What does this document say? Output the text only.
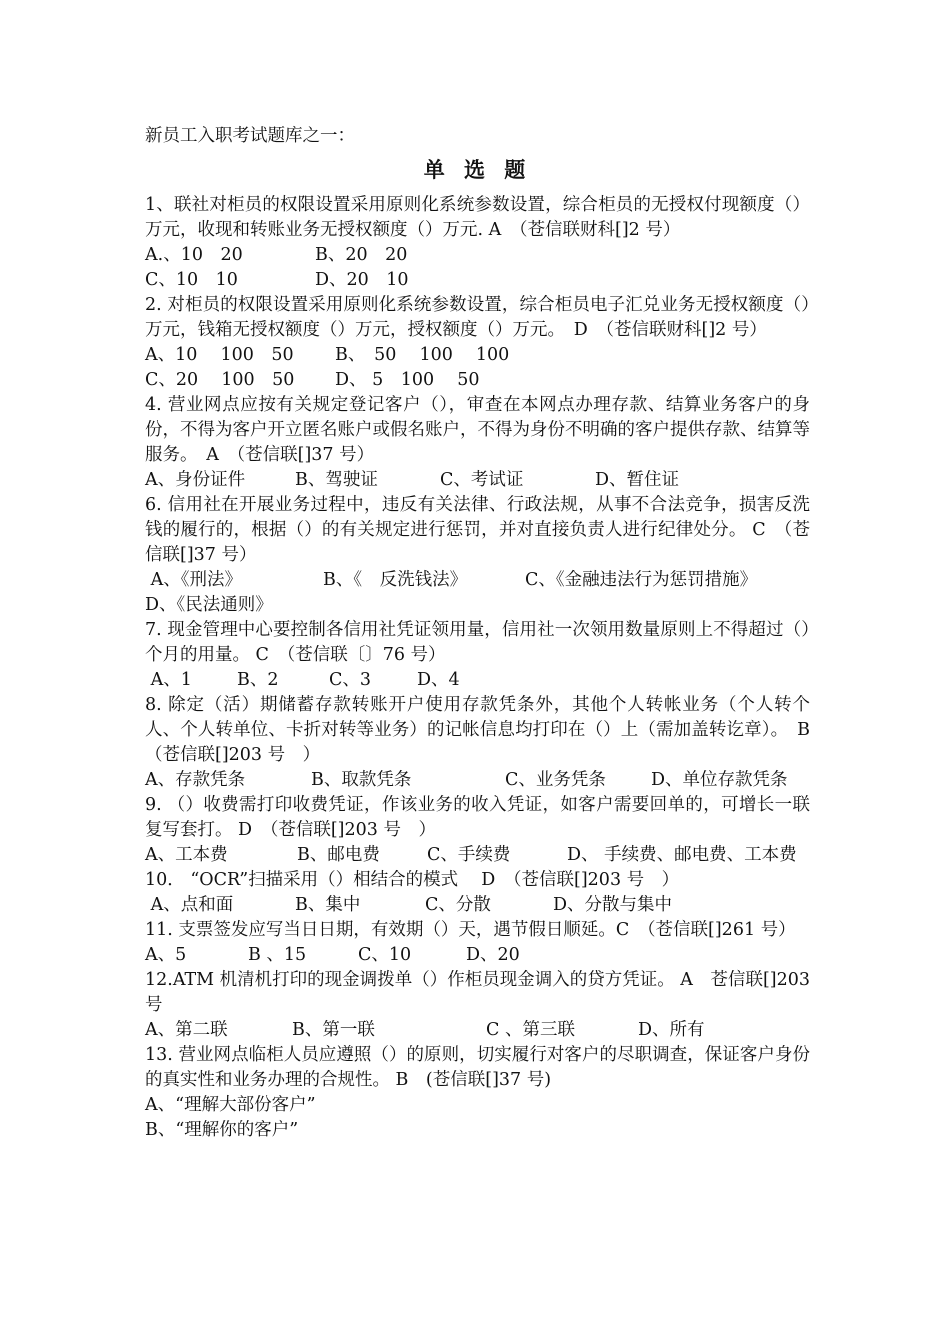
新员工入职考试题库之一：

单 选 题

1、联社对柜员的权限设置采用原则化系统参数设置，综合柜员的无授权付现额度（）万元，收现和转账业务无授权额度（）万元. A　（苍信联财科[]2 号）

A.、10　20	B、20　20
C、10　10	D、20　10

2. 对柜员的权限设置采用原则化系统参数设置，综合柜员电子汇兑业务无授权额度（）万元，钱箱无授权额度（）万元，授权额度（）万元。　D　（苍信联财科[]2 号）

A、10　 100　50	B、　50　 100　 100
C、20　 100　50	D、 5　100　 50

4. 营业网点应按有关规定登记客户（），审查在本网点办理存款、结算业务客户的身份，不得为客户开立匿名账户或假名账户，不得为身份不明确的客户提供存款、结算等服务。　A　（苍信联[]37 号）

A、身份证件	B、驾驶证	C、考试证	D、暂住证

6. 信用社在开展业务过程中，违反有关法律、行政法规，从事不合法竞争，损害反洗钱的履行的，根据（）的有关规定进行惩罚，并对直接负责人进行纪律处分。 C　（苍信联[]37 号）

A、《刑法》	B、《　反洗钱法》	C、《金融违法行为惩罚措施》
D、《民法通则》

7. 现金管理中心要控制各信用社凭证领用量，信用社一次领用数量原则上不得超过（）个月的用量。 C　（苍信联〔〕76 号）

A、1	B、2	C、3	D、4

8. 除定（活）期储蓄存款转账开户使用存款凭条外，其他个人转帐业务（个人转个人、个人转单位、卡折对转等业务）的记帐信息均打印在（）上（需加盖转讫章）。　B （苍信联[]203 号　）

A、存款凭条	B、取款凭条	C、业务凭条	D、单位存款凭条

9. （）收费需打印收费凭证，作该业务的收入凭证，如客户需要回单的，可增长一联复写套打。 D　（苍信联[]203 号　）

A、工本费	B、邮电费	C、手续费	D、 手续费、邮电费、工本费

10． “OCR”扫描采用（）相结合的模式　 D　（苍信联[]203 号　）

A、点和面	B、集中	C、分散	D、分散与集中

11. 支票签发应写当日日期，有效期（）天，遇节假日顺延。C　（苍信联[]261 号）

A、5	B 、15	C、10	D、20

12.ATM 机清机打印的现金调拨单（）作柜员现金调入的贷方凭证。 A　苍信联[]203 号

A、第二联	B、第一联	C 、第三联	D、所有

13. 营业网点临柜人员应遵照（）的原则，切实履行对客户的尽职调查，保证客户身份的真实性和业务办理的合规性。 B　(苍信联[]37 号)

A、“理解大部份客户”
B、“理解你的客户”
